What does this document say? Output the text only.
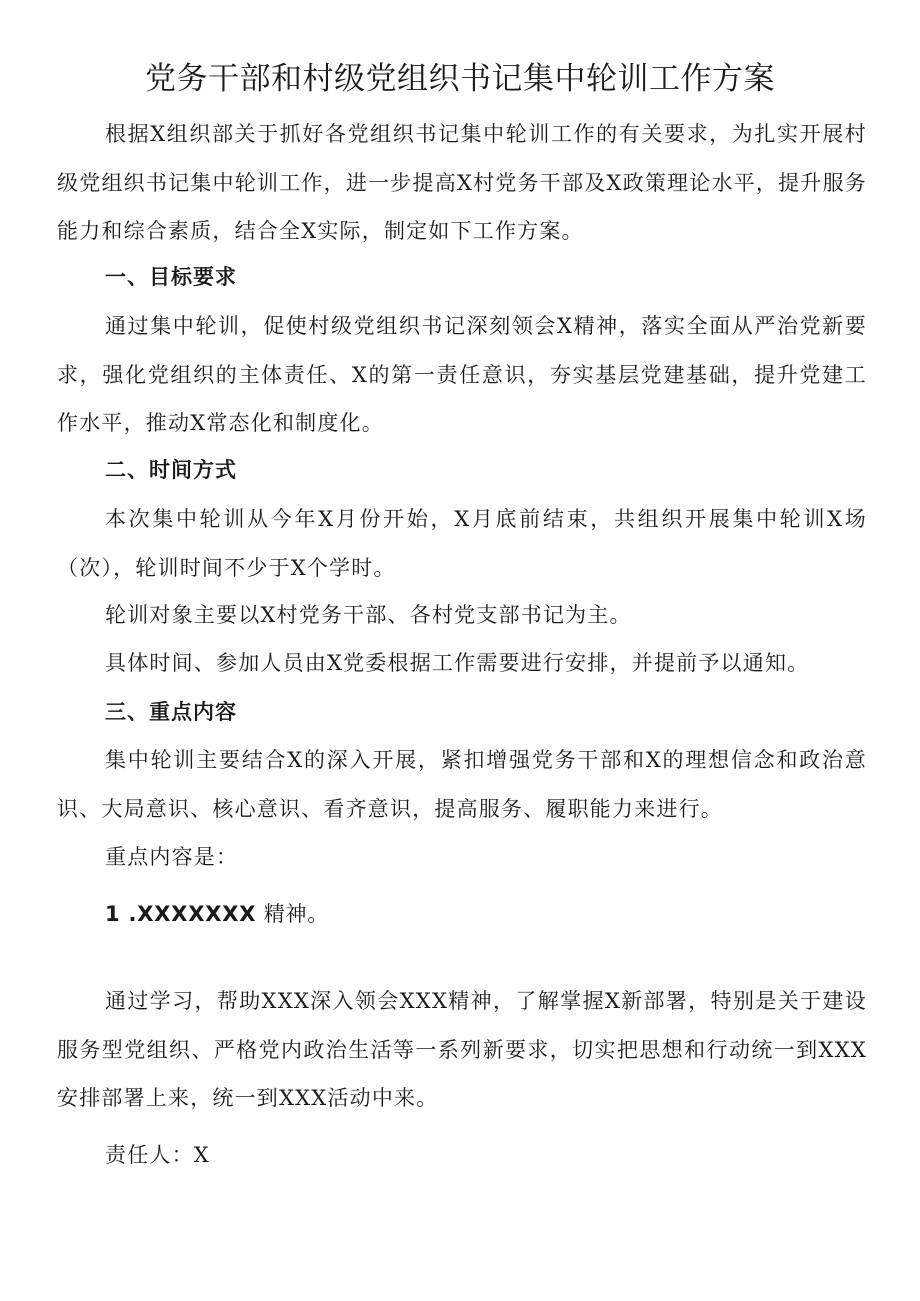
党务干部和村级党组织书记集中轮训工作方案
根据X组织部关于抓好各党组织书记集中轮训工作的有关要求，为扎实开展村级党组织书记集中轮训工作，进一步提高X村党务干部及X政策理论水平，提升服务能力和综合素质，结合全X实际，制定如下工作方案。
一、目标要求
通过集中轮训，促使村级党组织书记深刻领会X精神，落实全面从严治党新要求，强化党组织的主体责任、X的第一责任意识，夯实基层党建基础，提升党建工作水平，推动X常态化和制度化。
二、时间方式
本次集中轮训从今年X月份开始，X月底前结束，共组织开展集中轮训X场（次），轮训时间不少于X个学时。
轮训对象主要以X村党务干部、各村党支部书记为主。
具体时间、参加人员由X党委根据工作需要进行安排，并提前予以通知。
三、重点内容
集中轮训主要结合X的深入开展，紧扣增强党务干部和X的理想信念和政治意识、大局意识、核心意识、看齐意识，提高服务、履职能力来进行。
重点内容是：
1 .XXXXXXX 精神。
通过学习，帮助XXX深入领会XXX精神，了解掌握X新部署，特别是关于建设服务型党组织、严格党内政治生活等一系列新要求，切实把思想和行动统一到XXX安排部署上来，统一到XXX活动中来。
责任人：X
